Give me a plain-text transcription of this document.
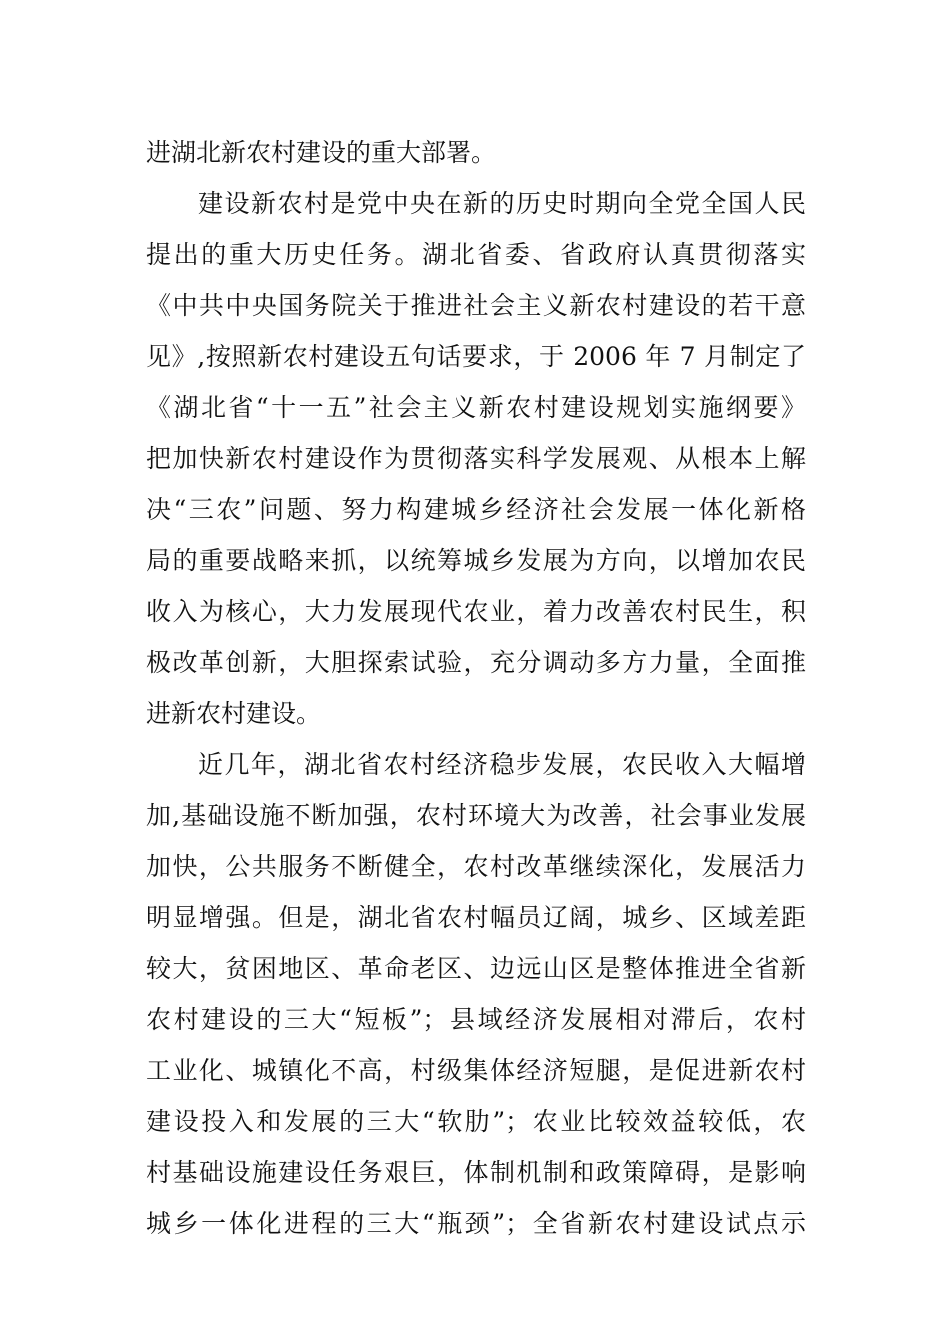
进湖北新农村建设的重大部署。
建设新农村是党中央在新的历史时期向全党全国人民
提出的重大历史任务。湖北省委、省政府认真贯彻落实
《中共中央国务院关于推进社会主义新农村建设的若干意
见》,按照新农村建设五句话要求，于 2006 年 7 月制定了
《湖北省“十一五”社会主义新农村建设规划实施纲要》
把加快新农村建设作为贯彻落实科学发展观、从根本上解
决“三农”问题、努力构建城乡经济社会发展一体化新格
局的重要战略来抓，以统筹城乡发展为方向，以增加农民
收入为核心，大力发展现代农业，着力改善农村民生，积
极改革创新，大胆探索试验，充分调动多方力量，全面推
进新农村建设。
近几年，湖北省农村经济稳步发展，农民收入大幅增
加,基础设施不断加强，农村环境大为改善，社会事业发展
加快，公共服务不断健全，农村改革继续深化，发展活力
明显增强。但是，湖北省农村幅员辽阔，城乡、区域差距
较大，贫困地区、革命老区、边远山区是整体推进全省新
农村建设的三大“短板”；县域经济发展相对滞后，农村
工业化、城镇化不高，村级集体经济短腿，是促进新农村
建设投入和发展的三大“软肋”；农业比较效益较低，农
村基础设施建设任务艰巨，体制机制和政策障碍，是影响
城乡一体化进程的三大“瓶颈”；全省新农村建设试点示
